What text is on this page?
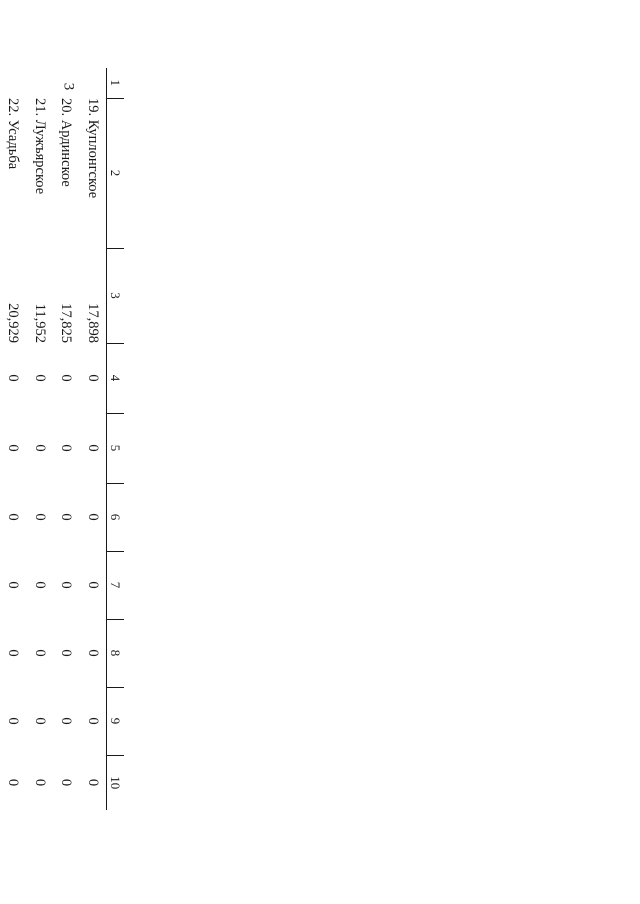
3 1	2	3	4	5	6	7	8	9	10

	19. Куплонгское	17,898	0	0	0	0	0	0	0

	20. Ардинское	17,825	0	0	0	0	0	0	0

	21. Лужъярское	11,952	0	0	0	0	0	0	0

	22. Усадьба	20,929	0	0	0	0	0	0	0
